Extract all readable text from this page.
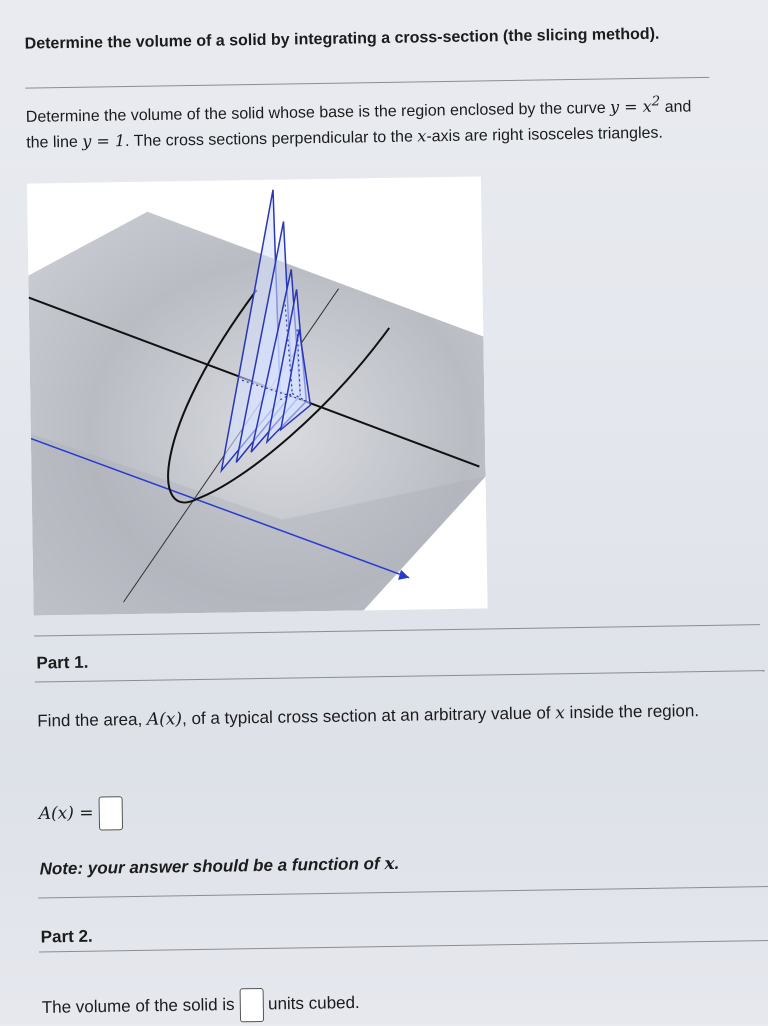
Determine the volume of a solid by integrating a cross-section (the slicing method).
Determine the volume of the solid whose base is the region enclosed by the curve $y = x^2$ and the line y = 1. The cross sections perpendicular to the x-axis are right isosceles triangles.
Part 1.
Find the area, A(x), of a typical cross section at an arbitrary value of x inside the region.
A(x) =
Note: your answer should be a function of x.
Part 2.
The volume of the solid is units cubed.
